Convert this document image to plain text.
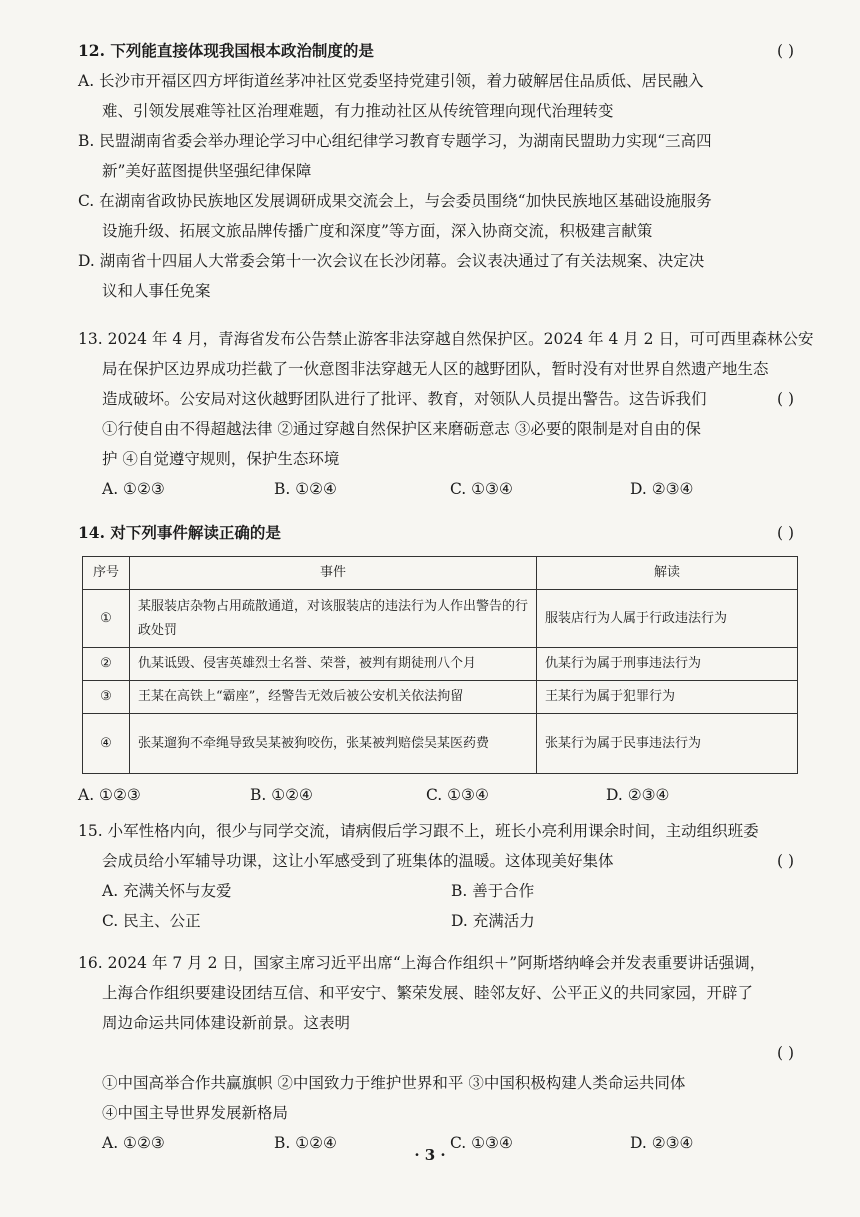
12. 下列能直接体现我国根本政治制度的是	( )
A. 长沙市开福区四方坪街道丝茅冲社区党委坚持党建引领，着力破解居住品质低、居民融入
难、引领发展难等社区治理难题，有力推动社区从传统管理向现代治理转变
B. 民盟湖南省委会举办理论学习中心组纪律学习教育专题学习，为湖南民盟助力实现“三高四
新”美好蓝图提供坚强纪律保障
C. 在湖南省政协民族地区发展调研成果交流会上，与会委员围绕“加快民族地区基础设施服务
设施升级、拓展文旅品牌传播广度和深度”等方面，深入协商交流，积极建言献策
D. 湖南省十四届人大常委会第十一次会议在长沙闭幕。会议表决通过了有关法规案、决定决
议和人事任免案
13. 2024 年 4 月，青海省发布公告禁止游客非法穿越自然保护区。2024 年 4 月 2 日，可可西里森林公安
局在保护区边界成功拦截了一伙意图非法穿越无人区的越野团队，暂时没有对世界自然遗产地生态
造成破坏。公安局对这伙越野团队进行了批评、教育，对领队人员提出警告。这告诉我们	( )
①行使自由不得超越法律 ②通过穿越自然保护区来磨砺意志 ③必要的限制是对自由的保
护 ④自觉遵守规则，保护生态环境
A. ①②③	B. ①②④	C. ①③④	D. ②③④
14. 对下列事件解读正确的是	( )
序号	事件	解读
①	某服装店杂物占用疏散通道，对该服装店的违法行为人作出警告的行政处罚	服装店行为人属于行政违法行为
②	仇某诋毁、侵害英雄烈士名誉、荣誉，被判有期徒刑八个月	仇某行为属于刑事违法行为
③	王某在高铁上“霸座”，经警告无效后被公安机关依法拘留	王某行为属于犯罪行为
④	张某遛狗不牵绳导致吴某被狗咬伤，张某被判赔偿吴某医药费	张某行为属于民事违法行为
A. ①②③	B. ①②④	C. ①③④	D. ②③④
15. 小军性格内向，很少与同学交流，请病假后学习跟不上，班长小亮利用课余时间，主动组织班委
会成员给小军辅导功课，这让小军感受到了班集体的温暖。这体现美好集体	( )
A. 充满关怀与友爱	B. 善于合作
C. 民主、公正	D. 充满活力
16. 2024 年 7 月 2 日，国家主席习近平出席“上海合作组织＋”阿斯塔纳峰会并发表重要讲话强调，
上海合作组织要建设团结互信、和平安宁、繁荣发展、睦邻友好、公平正义的共同家园，开辟了
周边命运共同体建设新前景。这表明
( )

①中国高举合作共赢旗帜 ②中国致力于维护世界和平 ③中国积极构建人类命运共同体
④中国主导世界发展新格局
A. ①②③	B. ①②④	C. ①③④	D. ②③④
· 3 ·
